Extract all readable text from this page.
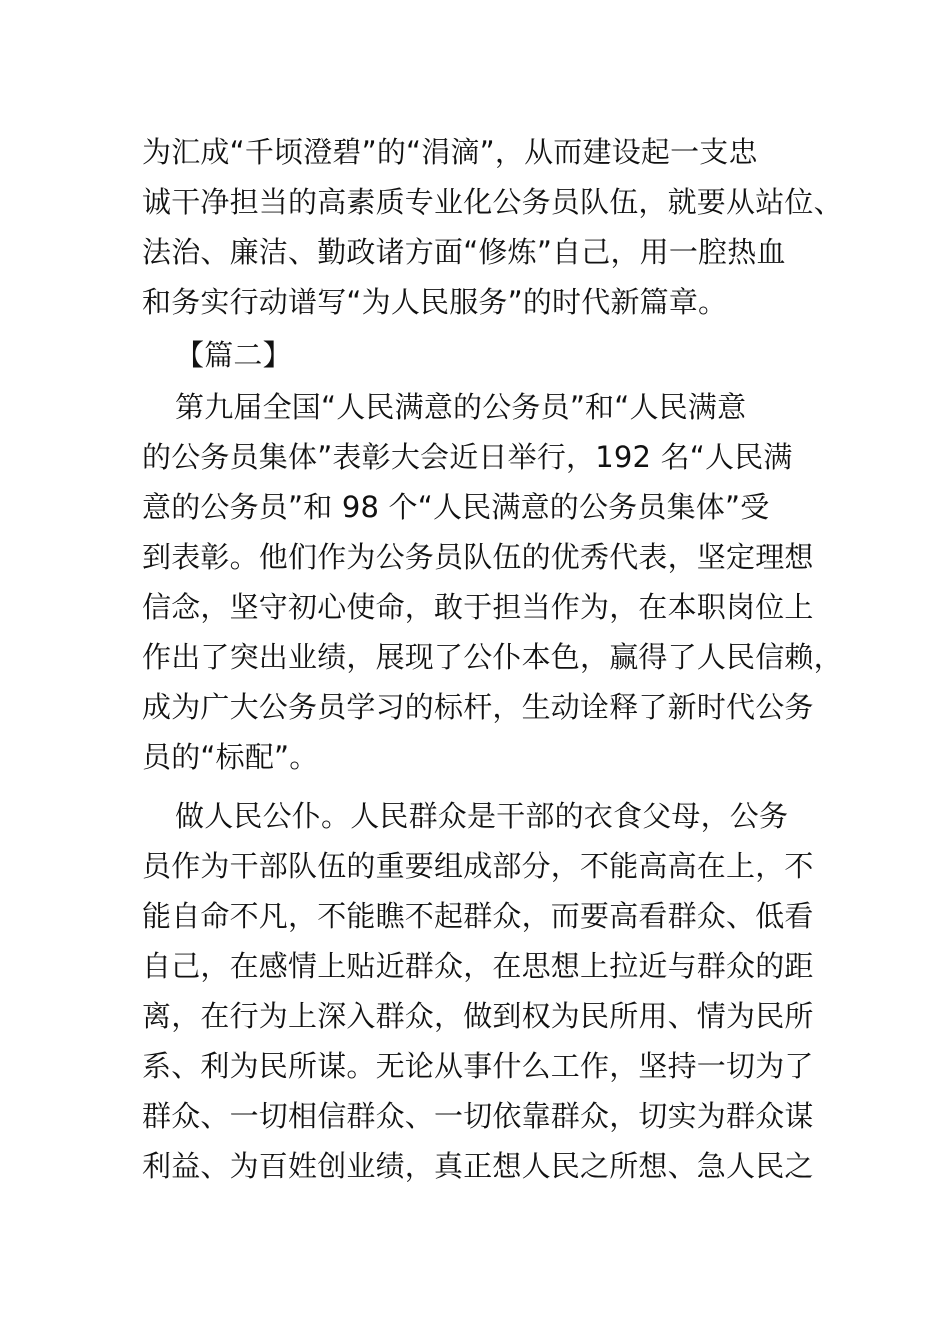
为汇成“千顷澄碧”的“涓滴”，从而建设起一支忠
诚干净担当的高素质专业化公务员队伍，就要从站位、
法治、廉洁、勤政诸方面“修炼”自己，用一腔热血
和务实行动谱写“为人民服务”的时代新篇章。
【篇二】
第九届全国“人民满意的公务员”和“人民满意
的公务员集体”表彰大会近日举行，192 名“人民满
意的公务员”和 98 个“人民满意的公务员集体”受
到表彰。他们作为公务员队伍的优秀代表，坚定理想
信念，坚守初心使命，敢于担当作为，在本职岗位上
作出了突出业绩，展现了公仆本色，赢得了人民信赖，
成为广大公务员学习的标杆，生动诠释了新时代公务
员的“标配”。
做人民公仆。人民群众是干部的衣食父母，公务
员作为干部队伍的重要组成部分，不能高高在上，不
能自命不凡，不能瞧不起群众，而要高看群众、低看
自己，在感情上贴近群众，在思想上拉近与群众的距
离，在行为上深入群众，做到权为民所用、情为民所
系、利为民所谋。无论从事什么工作，坚持一切为了
群众、一切相信群众、一切依靠群众，切实为群众谋
利益、为百姓创业绩，真正想人民之所想、急人民之
